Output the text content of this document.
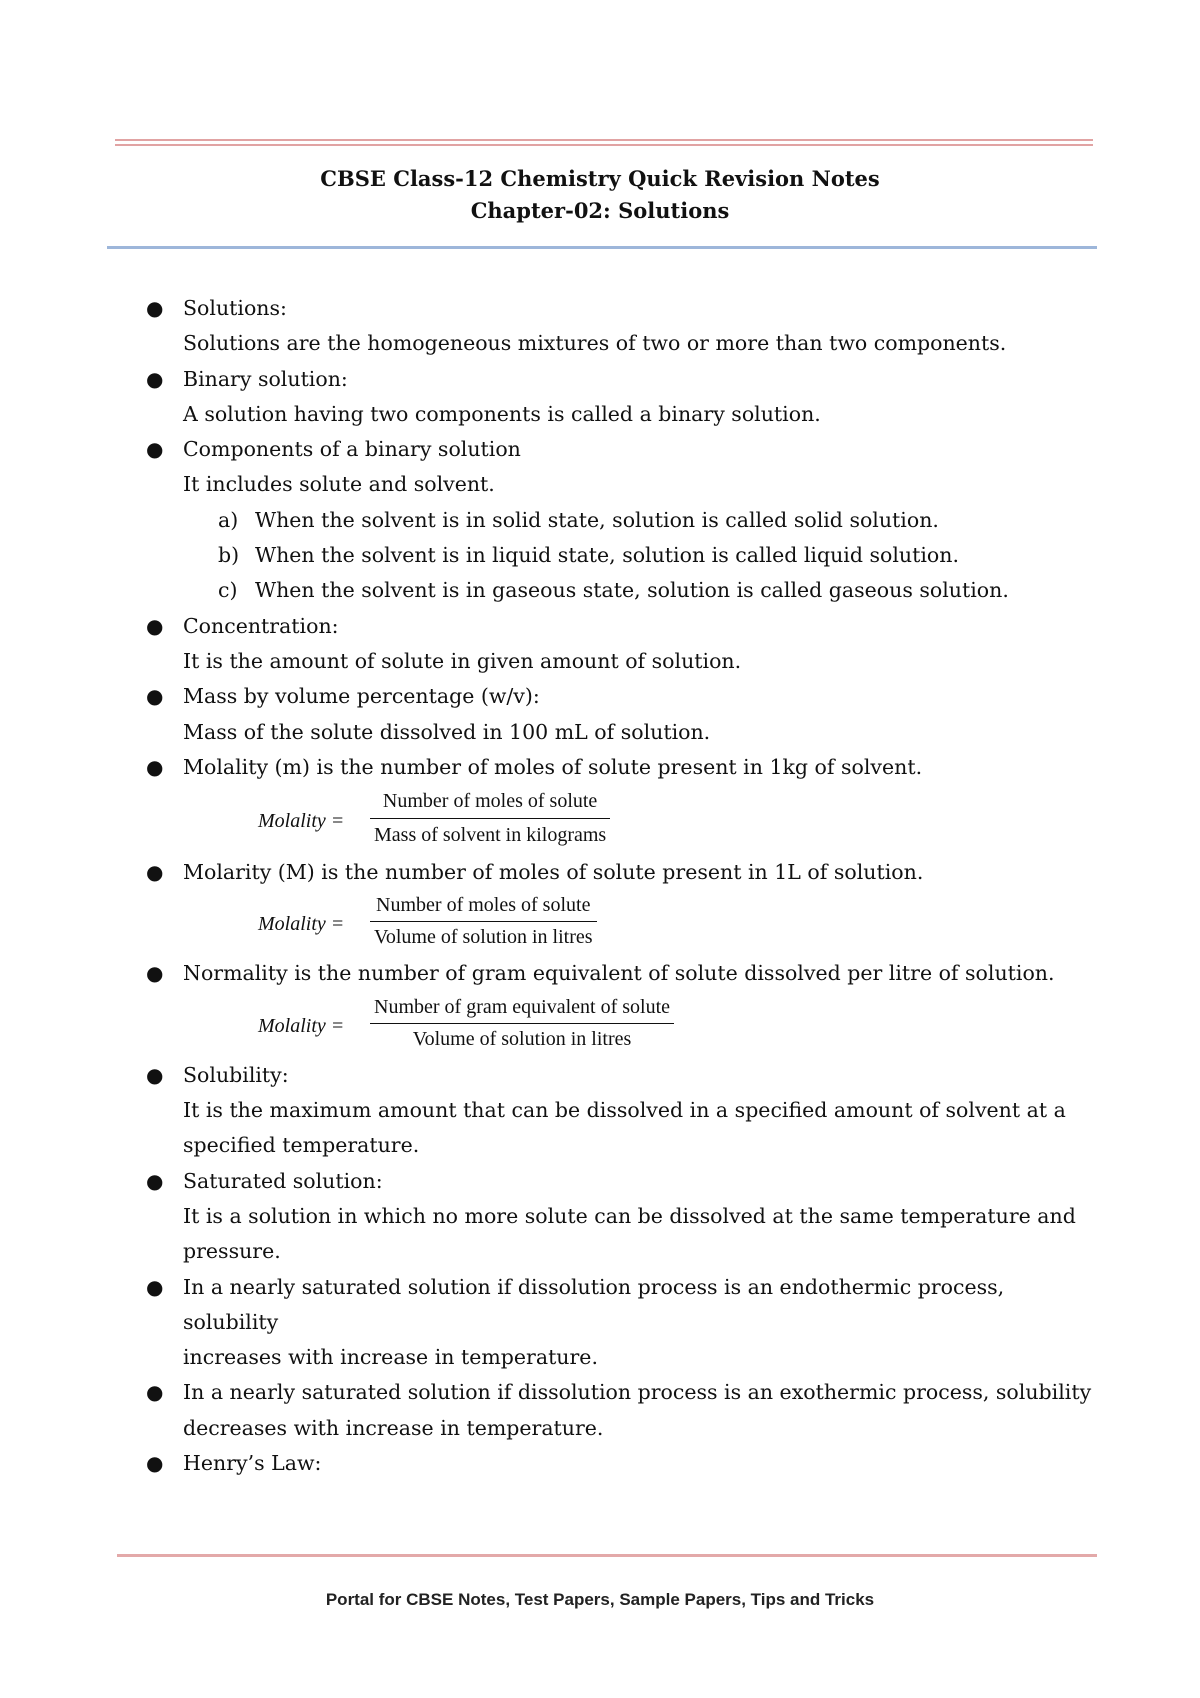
CBSE Class-12 Chemistry Quick Revision Notes
Chapter-02: Solutions
● Solutions:
Solutions are the homogeneous mixtures of two or more than two components.
● Binary solution:
A solution having two components is called a binary solution.
● Components of a binary solution
It includes solute and solvent.
a) When the solvent is in solid state, solution is called solid solution.
b) When the solvent is in liquid state, solution is called liquid solution.
c) When the solvent is in gaseous state, solution is called gaseous solution.
● Concentration:
It is the amount of solute in given amount of solution.
● Mass by volume percentage (w/v):
Mass of the solute dissolved in 100 mL of solution.
● Molality (m) is the number of moles of solute present in 1kg of solvent.
Molality =
Number of moles of solute
Mass of solvent in kilograms
● Molarity (M) is the number of moles of solute present in 1L of solution.
Molality =
Number of moles of solute
Volume of solution in litres
● Normality is the number of gram equivalent of solute dissolved per litre of solution.
Molality =
Number of gram equivalent of solute
Volume of solution in litres
● Solubility:
It is the maximum amount that can be dissolved in a specified amount of solvent at a
specified temperature.
● Saturated solution:
It is a solution in which no more solute can be dissolved at the same temperature and
pressure.
● In a nearly saturated solution if dissolution process is an endothermic process, solubility
increases with increase in temperature.
● In a nearly saturated solution if dissolution process is an exothermic process, solubility
decreases with increase in temperature.
● Henry’s Law:
Portal for CBSE Notes, Test Papers, Sample Papers, Tips and Tricks
